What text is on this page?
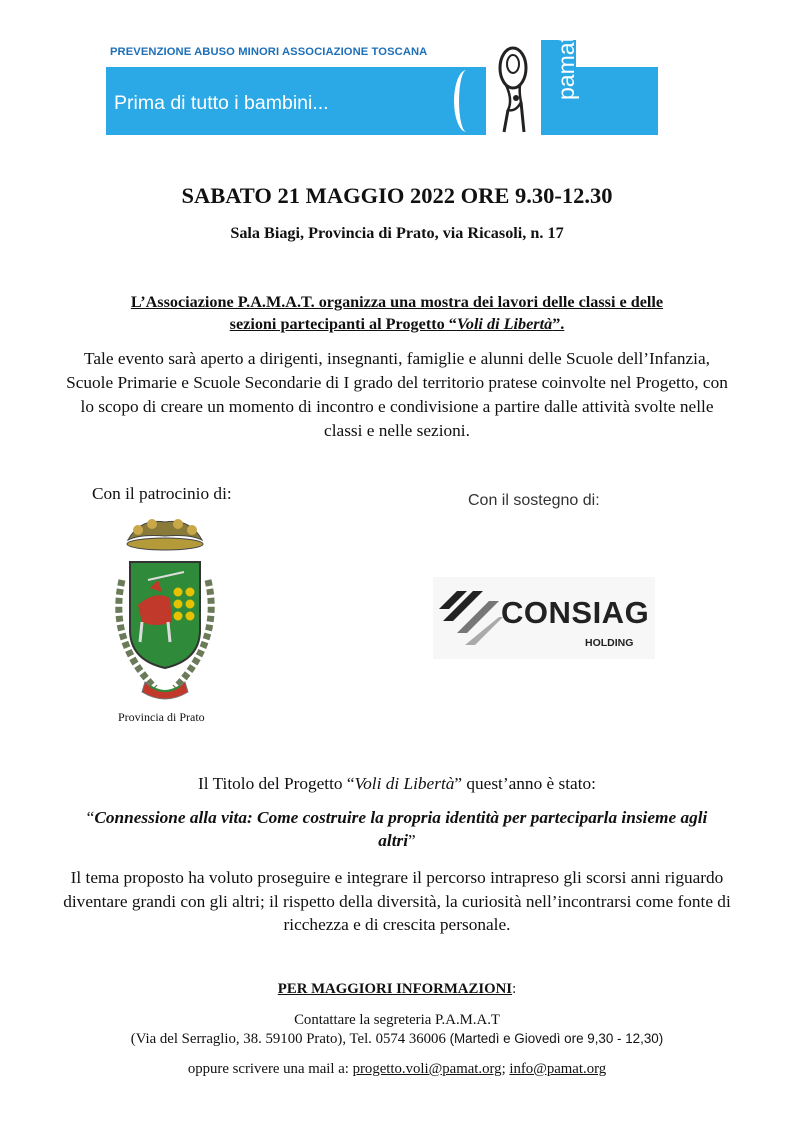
PREVENZIONE ABUSO MINORI ASSOCIAZIONE TOSCANA
Prima di tutto i bambini...
pamat
SABATO 21 MAGGIO 2022 ORE 9.30-12.30
Sala Biagi, Provincia di Prato, via Ricasoli, n. 17
L’Associazione P.A.M.A.T. organizza una mostra dei lavori delle classi e delle
sezioni partecipanti al Progetto “Voli di Libertà”.
Tale evento sarà aperto a dirigenti, insegnanti, famiglie e alunni delle Scuole dell’Infanzia, Scuole Primarie e Scuole Secondarie di I grado del territorio pratese coinvolte nel Progetto, con lo scopo di creare un momento di incontro e condivisione a partire dalle attività svolte nelle classi e nelle sezioni.
Con il patrocinio di:	Con il sostegno di:
Provincia di Prato
CONSIAG
HOLDING
Il Titolo del Progetto “Voli di Libertà” quest’anno è stato:
“Connessione alla vita: Come costruire la propria identità per parteciparla insieme agli altri”
Il tema proposto ha voluto proseguire e integrare il percorso intrapreso gli scorsi anni riguardo diventare grandi con gli altri; il rispetto della diversità, la curiosità nell’incontrarsi come fonte di ricchezza e di crescita personale.
PER MAGGIORI INFORMAZIONI:
Contattare la segreteria P.A.M.A.T
(Via del Serraglio, 38. 59100 Prato), Tel. 0574 36006 (Martedì e Giovedì ore 9,30 - 12,30)
oppure scrivere una mail a: progetto.voli@pamat.org; info@pamat.org
